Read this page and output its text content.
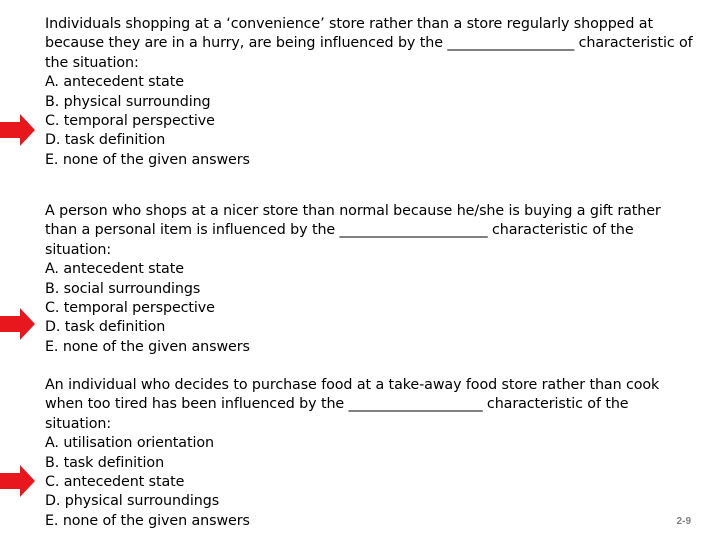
Individuals shopping at a ‘convenience’ store rather than a store regularly shopped at
because they are in a hurry, are being influenced by the __________________ characteristic of
the situation:
A. antecedent state
B. physical surrounding
C. temporal perspective
D. task definition
E. none of the given answers
A person who shops at a nicer store than normal because he/she is buying a gift rather
than a personal item is influenced by the _____________________ characteristic of the
situation:
A. antecedent state
B. social surroundings
C. temporal perspective
D. task definition
E. none of the given answers
An individual who decides to purchase food at a take-away food store rather than cook
when too tired has been influenced by the ___________________ characteristic of the
situation:
A. utilisation orientation
B. task definition
C. antecedent state
D. physical surroundings
E. none of the given answers	2-9
